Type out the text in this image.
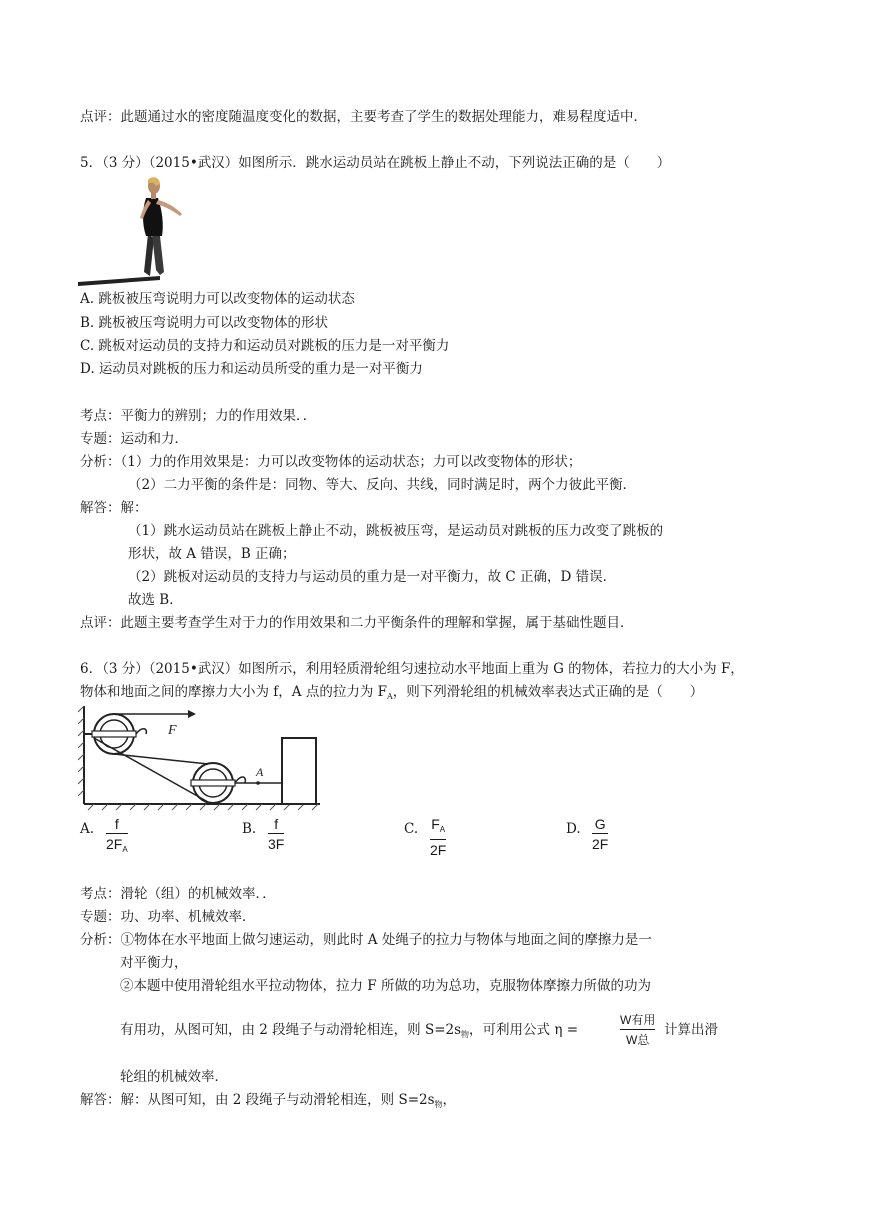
点评：此题通过水的密度随温度变化的数据，主要考查了学生的数据处理能力，难易程度适中．
5．（3 分）（2015•武汉）如图所示．跳水运动员站在跳板上静止不动，下列说法正确的是（　　）
A. 跳板被压弯说明力可以改变物体的运动状态
B. 跳板被压弯说明力可以改变物体的形状
C. 跳板对运动员的支持力和运动员对跳板的压力是一对平衡力
D. 运动员对跳板的压力和运动员所受的重力是一对平衡力
考点：平衡力的辨别；力的作用效果．．
专题：运动和力．
分析：（1）力的作用效果是：力可以改变物体的运动状态；力可以改变物体的形状；
（2）二力平衡的条件是：同物、等大、反向、共线，同时满足时，两个力彼此平衡．
解答：解：
（1）跳水运动员站在跳板上静止不动，跳板被压弯，是运动员对跳板的压力改变了跳板的
形状，故 A 错误，B 正确；
（2）跳板对运动员的支持力与运动员的重力是一对平衡力，故 C 正确，D 错误．
故选 B．
点评：此题主要考查学生对于力的作用效果和二力平衡条件的理解和掌握，属于基础性题目．
6．（3 分）（2015•武汉）如图所示，利用轻质滑轮组匀速拉动水平地面上重为 G 的物体，若拉力的大小为 F，
物体和地面之间的摩擦力大小为 f，A 点的拉力为 $F_A$，则下列滑轮组的机械效率表达式正确的是（　　）
F
A
A. f
$2F_A$
B. f
3F
C. $F_A$
2F
D. G
2F
考点：滑轮（组）的机械效率．．
专题：功、功率、机械效率．
分析：①物体在水平地面上做匀速运动，则此时 A 处绳子的拉力与物体与地面之间的摩擦力是一
对平衡力，
②本题中使用滑轮组水平拉动物体，拉力 F 所做的功为总功，克服物体摩擦力所做的功为
有用功，从图可知，由 2 段绳子与动滑轮相连，则 $S=2s_物$，可利用公式 η =
W有用
W总
计算出滑
轮组的机械效率．
解答：解：从图可知，由 2 段绳子与动滑轮相连，则 $S=2s_物$，
